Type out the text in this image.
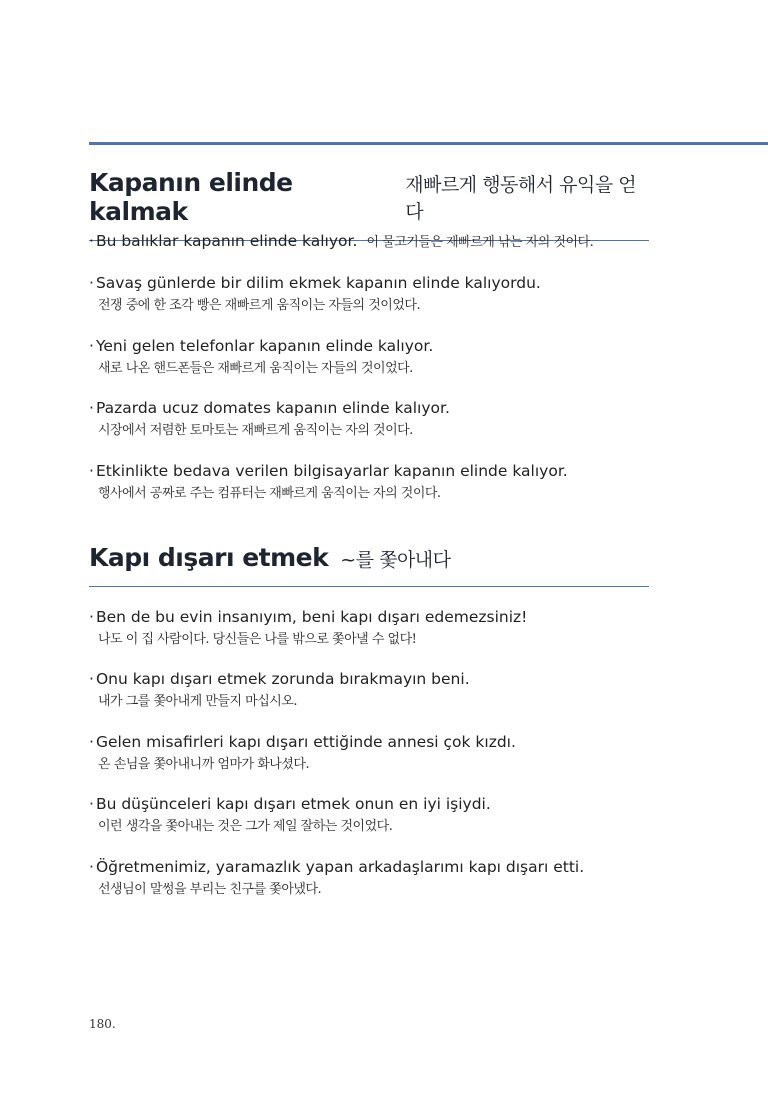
Kapanın elinde kalmak
재빠르게 행동해서 유익을 얻다
· Bu balıklar kapanın elinde kalıyor. 이 물고기들은 재빠르게 낚는 자의 것이다.
· Savaş günlerde bir dilim ekmek kapanın elinde kalıyordu.
전쟁 중에 한 조각 빵은 재빠르게 움직이는 자들의 것이었다.
· Yeni gelen telefonlar kapanın elinde kalıyor.
새로 나온 핸드폰들은 재빠르게 움직이는 자들의 것이었다.
· Pazarda ucuz domates kapanın elinde kalıyor.
시장에서 저렴한 토마토는 재빠르게 움직이는 자의 것이다.
· Etkinlikte bedava verilen bilgisayarlar kapanın elinde kalıyor.
행사에서 공짜로 주는 컴퓨터는 재빠르게 움직이는 자의 것이다.
Kapı dışarı etmek ~를 쫓아내다
· Ben de bu evin insanıyım, beni kapı dışarı edemezsiniz!
나도 이 집 사람이다. 당신들은 나를 밖으로 쫓아낼 수 없다!
· Onu kapı dışarı etmek zorunda bırakmayın beni.
내가 그를 쫓아내게 만들지 마십시오.
· Gelen misafirleri kapı dışarı ettiğinde annesi çok kızdı.
온 손님을 쫓아내니까 엄마가 화나셨다.
· Bu düşünceleri kapı dışarı etmek onun en iyi işiydi.
이런 생각을 쫓아내는 것은 그가 제일 잘하는 것이었다.
· Öğretmenimiz, yaramazlık yapan arkadaşlarımı kapı dışarı etti.
선생님이 말썽을 부리는 친구를 쫓아냈다.
180.
